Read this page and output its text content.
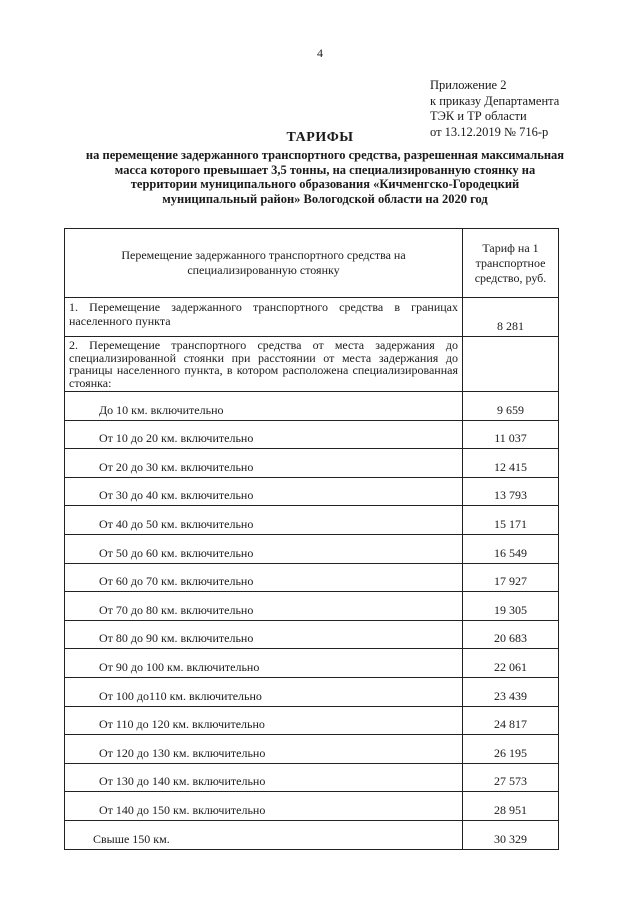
4
Приложение 2
к приказу Департамента
ТЭК и ТР области
от 13.12.2019 № 716-р
ТАРИФЫ
на перемещение задержанного транспортного средства, разрешенная максимальная
масса которого превышает 3,5 тонны, на специализированную стоянку на
территории муниципального образования «Кичменгско-Городецкий
муниципальный район» Вологодской области на 2020 год
Перемещение задержанного транспортного средства на специализированную стоянку	Тариф на 1 транспортное средство, руб.
1. Перемещение задержанного транспортного средства в границах населенного пункта	8 281
2. Перемещение транспортного средства от места задержания до специализированной стоянки при расстоянии от места задержания до границы населенного пункта, в котором расположена специализированная стоянка:	
До 10 км. включительно	9 659
От 10 до 20 км. включительно	11 037
От 20 до 30 км. включительно	12 415
От 30 до 40 км. включительно	13 793
От 40 до 50 км. включительно	15 171
От 50 до 60 км. включительно	16 549
От 60 до 70 км. включительно	17 927
От 70 до 80 км. включительно	19 305
От 80 до 90 км. включительно	20 683
От 90 до 100 км. включительно	22 061
От 100 до110 км. включительно	23 439
От 110 до 120 км. включительно	24 817
От 120 до 130 км. включительно	26 195
От 130 до 140 км. включительно	27 573
От 140 до 150 км. включительно	28 951
Свыше 150 км.	30 329
